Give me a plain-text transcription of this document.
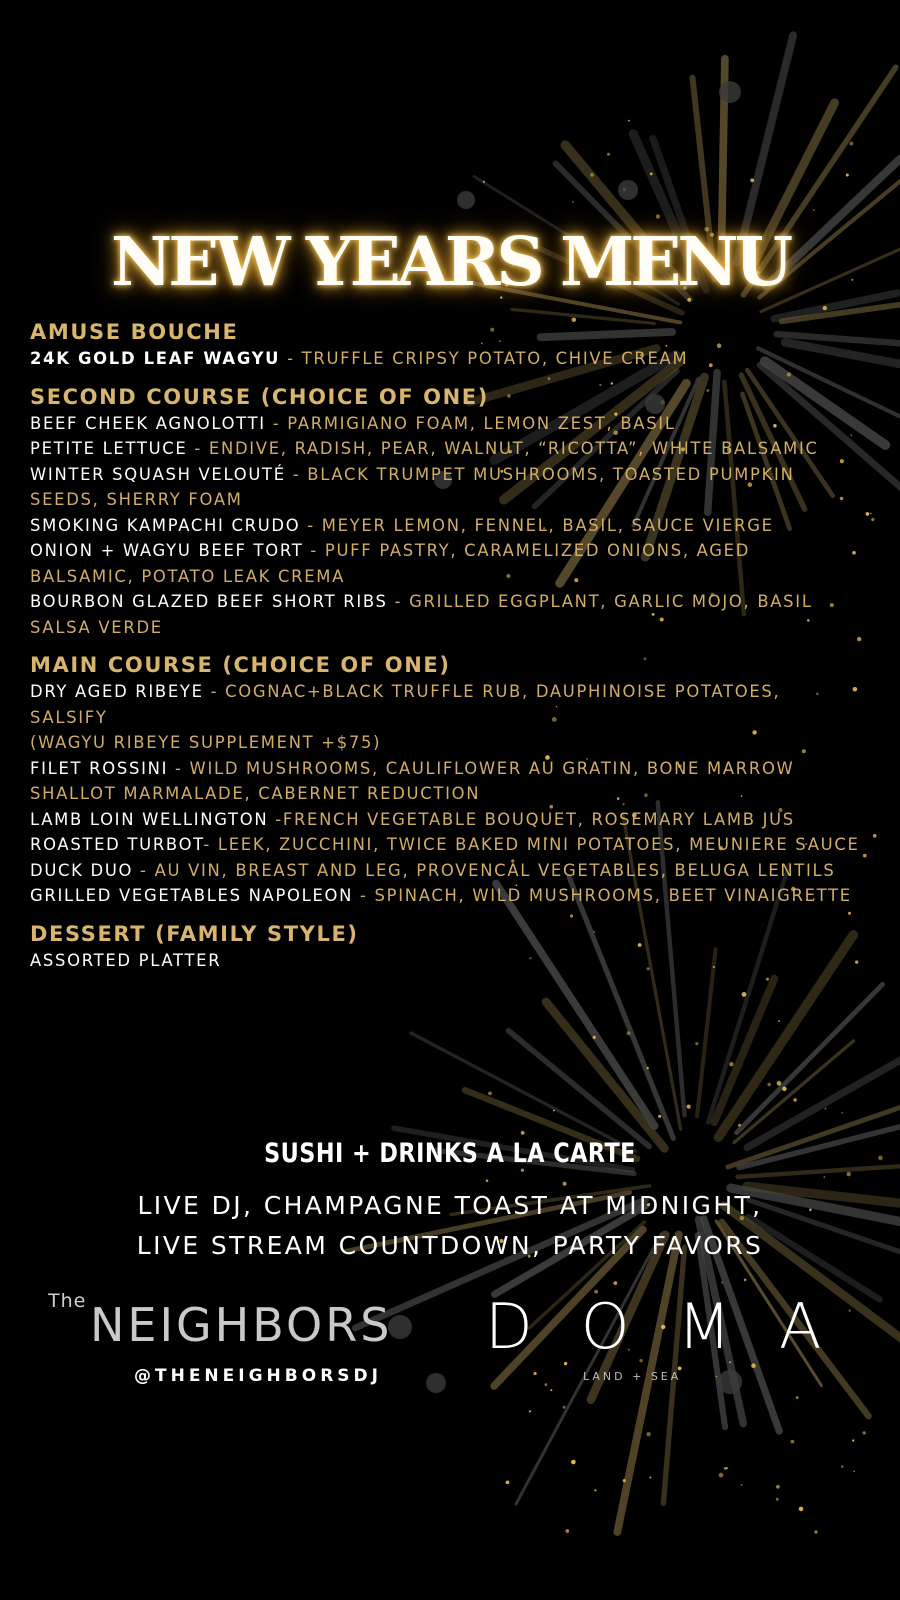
NEW YEARS MENU
AMUSE BOUCHE
24K GOLD LEAF WAGYU - TRUFFLE CRIPSY POTATO, CHIVE CREAM
SECOND COURSE (CHOICE OF ONE)
BEEF CHEEK AGNOLOTTI - PARMIGIANO FOAM, LEMON ZEST, BASIL
PETITE LETTUCE - ENDIVE, RADISH, PEAR, WALNUT, “RICOTTA”, WHITE BALSAMIC
WINTER SQUASH VELOUTÉ - BLACK TRUMPET MUSHROOMS, TOASTED PUMPKIN SEEDS, SHERRY FOAM
SMOKING KAMPACHI CRUDO - MEYER LEMON, FENNEL, BASIL, SAUCE VIERGE
ONION + WAGYU BEEF TORT - PUFF PASTRY, CARAMELIZED ONIONS, AGED BALSAMIC, POTATO LEAK CREMA
BOURBON GLAZED BEEF SHORT RIBS - GRILLED EGGPLANT, GARLIC MOJO, BASIL SALSA VERDE
MAIN COURSE (CHOICE OF ONE)
DRY AGED RIBEYE - COGNAC+BLACK TRUFFLE RUB, DAUPHINOISE POTATOES, SALSIFY
(WAGYU RIBEYE SUPPLEMENT +$75)
FILET ROSSINI - WILD MUSHROOMS, CAULIFLOWER AU GRATIN, BONE MARROW SHALLOT MARMALADE, CABERNET REDUCTION
LAMB LOIN WELLINGTON -FRENCH VEGETABLE BOUQUET, ROSEMARY LAMB JUS
ROASTED TURBOT- LEEK, ZUCCHINI, TWICE BAKED MINI POTATOES, MEUNIERE SAUCE
DUCK DUO - AU VIN, BREAST AND LEG, PROVENCAL VEGETABLES, BELUGA LENTILS
GRILLED VEGETABLES NAPOLEON - SPINACH, WILD MUSHROOMS, BEET VINAIGRETTE
DESSERT (FAMILY STYLE)
ASSORTED PLATTER
SUSHI + DRINKS A LA CARTE
LIVE DJ, CHAMPAGNE TOAST AT MIDNIGHT,
LIVE STREAM COUNTDOWN, PARTY FAVORS
The NEIGHBORS
@THENEIGHBORSDJ
DOMA
LAND + SEA
